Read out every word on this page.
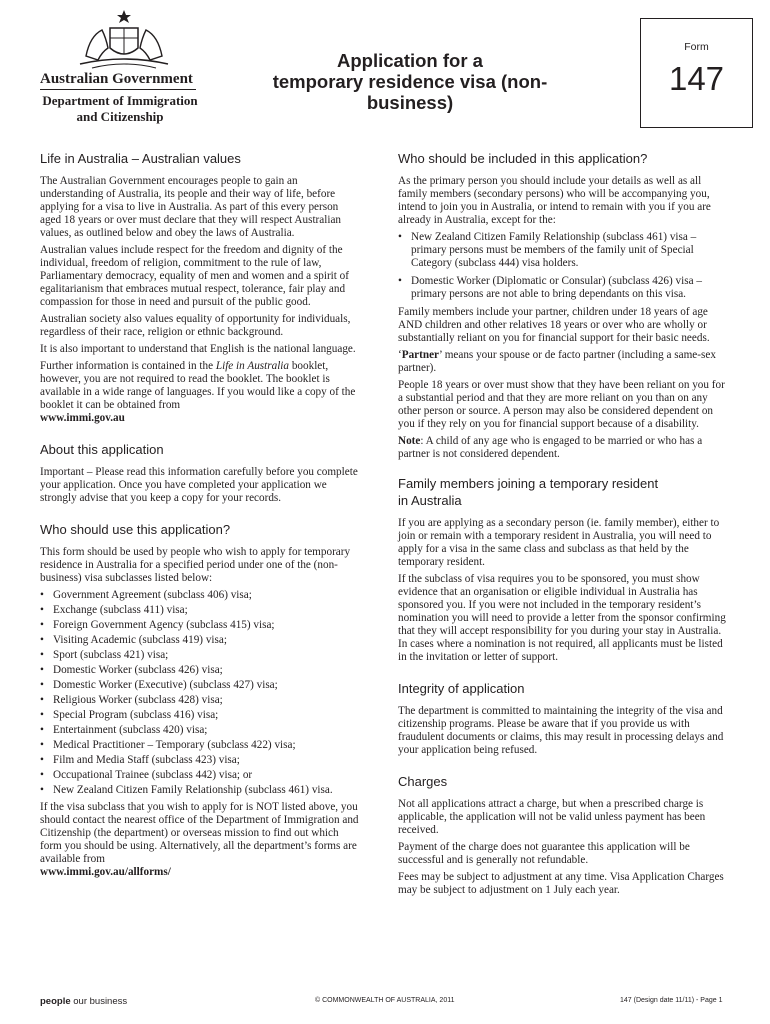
Australian Government
Department of Immigration
and Citizenship
Application for a
temporary residence visa (non-business)
Form
147
Life in Australia – Australian values

The Australian Government encourages people to gain an understanding of Australia, its people and their way of life, before applying for a visa to live in Australia. As part of this every person aged 18 years or over must declare that they will respect Australian values, as outlined below and obey the laws of Australia.

Australian values include respect for the freedom and dignity of the individual, freedom of religion, commitment to the rule of law, Parliamentary democracy, equality of men and women and a spirit of egalitarianism that embraces mutual respect, tolerance, fair play and compassion for those in need and pursuit of the public good.

Australian society also values equality of opportunity for individuals, regardless of their race, religion or ethnic background.

It is also important to understand that English is the national language.

Further information is contained in the Life in Australia booklet, however, you are not required to read the booklet. The booklet is available in a wide range of languages. If you would like a copy of the booklet it can be obtained from
www.immi.gov.au

About this application

Important – Please read this information carefully before you complete your application. Once you have completed your application we strongly advise that you keep a copy for your records.

Who should use this application?

This form should be used by people who wish to apply for temporary residence in Australia for a specified period under one of the (non-business) visa subclasses listed below:

• Government Agreement (subclass 406) visa;
• Exchange (subclass 411) visa;
• Foreign Government Agency (subclass 415) visa;
• Visiting Academic (subclass 419) visa;
• Sport (subclass 421) visa;
• Domestic Worker (subclass 426) visa;
• Domestic Worker (Executive) (subclass 427) visa;
• Religious Worker (subclass 428) visa;
• Special Program (subclass 416) visa;
• Entertainment (subclass 420) visa;
• Medical Practitioner – Temporary (subclass 422) visa;
• Film and Media Staff (subclass 423) visa;
• Occupational Trainee (subclass 442) visa; or
• New Zealand Citizen Family Relationship (subclass 461) visa.

If the visa subclass that you wish to apply for is NOT listed above, you should contact the nearest office of the Department of Immigration and Citizenship (the department) or overseas mission to find out which form you should be using. Alternatively, all the department’s forms are available from
www.immi.gov.au/allforms/

Who should be included in this application?

As the primary person you should include your details as well as all family members (secondary persons) who will be accompanying you, intend to join you in Australia, or intend to remain with you if you are already in Australia, except for the:

• New Zealand Citizen Family Relationship (subclass 461) visa – primary persons must be members of the family unit of Special Category (subclass 444) visa holders.
• Domestic Worker (Diplomatic or Consular) (subclass 426) visa – primary persons are not able to bring dependants on this visa.

Family members include your partner, children under 18 years of age AND children and other relatives 18 years or over who are wholly or substantially reliant on you for financial support for their basic needs.

‘Partner’ means your spouse or de facto partner (including a same-sex partner).

People 18 years or over must show that they have been reliant on you for a substantial period and that they are more reliant on you than on any other person or source. A person may also be considered dependent on you if they rely on you for financial support because of a disability.

Note: A child of any age who is engaged to be married or who has a partner is not considered dependent.

Family members joining a temporary resident
in Australia

If you are applying as a secondary person (ie. family member), either to join or remain with a temporary resident in Australia, you will need to apply for a visa in the same class and subclass as that held by the temporary resident.

If the subclass of visa requires you to be sponsored, you must show evidence that an organisation or eligible individual in Australia has sponsored you. If you were not included in the temporary resident’s nomination you will need to provide a letter from the sponsor confirming that they will accept responsibility for you during your stay in Australia. In cases where a nomination is not required, all applicants must be listed in the invitation or letter of support.

Integrity of application

The department is committed to maintaining the integrity of the visa and citizenship programs. Please be aware that if you provide us with fraudulent documents or claims, this may result in processing delays and your application being refused.

Charges

Not all applications attract a charge, but when a prescribed charge is applicable, the application will not be valid unless payment has been received.

Payment of the charge does not guarantee this application will be successful and is generally not refundable.

Fees may be subject to adjustment at any time. Visa Application Charges may be subject to adjustment on 1 July each year.

people our business	© COMMONWEALTH OF AUSTRALIA, 2011	147 (Design date 11/11) - Page 1
